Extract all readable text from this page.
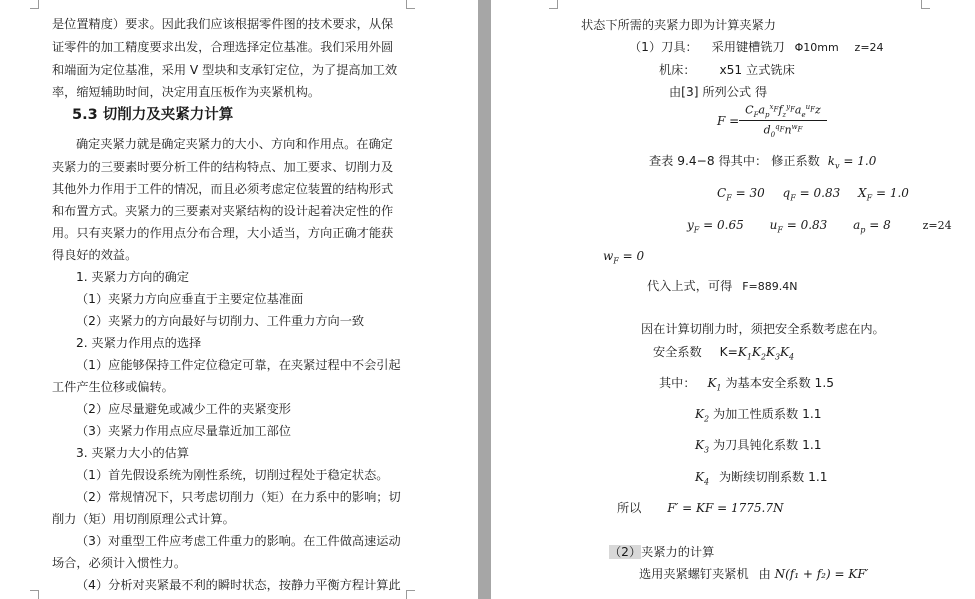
是位置精度）要求。因此我们应该根据零件图的技术要求，从保
证零件的加工精度要求出发，合理选择定位基准。我们采用外圆
和端面为定位基准，采用 V 型块和支承钉定位，为了提高加工效
率，缩短辅助时间，决定用直压板作为夹紧机构。
5.3 切削力及夹紧力计算
确定夹紧力就是确定夹紧力的大小、方向和作用点。在确定
夹紧力的三要素时要分析工件的结构特点、加工要求、切削力及
其他外力作用于工件的情况，而且必须考虑定位装置的结构形式
和布置方式。夹紧力的三要素对夹紧结构的设计起着决定性的作
用。只有夹紧力的作用点分布合理，大小适当，方向正确才能获
得良好的效益。
1. 夹紧力方向的确定
（1）夹紧力方向应垂直于主要定位基准面
（2）夹紧力的方向最好与切削力、工件重力方向一致
2. 夹紧力作用点的选择
（1）应能够保持工件定位稳定可靠，在夹紧过程中不会引起
工件产生位移或偏转。
（2）应尽量避免或减少工件的夹紧变形
（3）夹紧力作用点应尽量靠近加工部位
3. 夹紧力大小的估算
（1）首先假设系统为刚性系统，切削过程处于稳定状态。
（2）常规情况下，只考虑切削力（矩）在力系中的影响；切
削力（矩）用切削原理公式计算。
（3）对重型工件应考虑工件重力的影响。在工件做高速运动
场合，必须计入惯性力。
（4）分析对夹紧最不利的瞬时状态，按静力平衡方程计算此
状态下所需的夹紧力即为计算夹紧力
（1）刀具： 采用键槽铣刀 Φ10mm z=24
机床： x51 立式铣床
由[3] 所列公式 得
F =
$C_Fa_p^{x_F}f_z^{y_F}a_e^{u_F}z$
$d_0^{q_F}n^{w_F}$
查表 9.4−8 得其中： 修正系数 $k_v = 1.0$
$C_F = 30$ $q_F = 0.83$ $X_F = 1.0$
$y_F = 0.65$ $u_F = 0.83$ $a_p = 8$	z=24
$w_F = 0$
代入上式，可得 F=889.4N
因在计算切削力时，须把安全系数考虑在内。
安全系数 $K=K_1K_2K_3K_4$
其中： $K_1$ 为基本安全系数 1.5
$K_2$ 为加工性质系数 1.1
$K_3$ 为刀具钝化系数 1.1
$K_4$ 为断续切削系数 1.1
所以 F′ = KF = 1775.7N
（2）夹紧力的计算
选用夹紧螺钉夹紧机 由 N(f₁ + f₂) = KF′
